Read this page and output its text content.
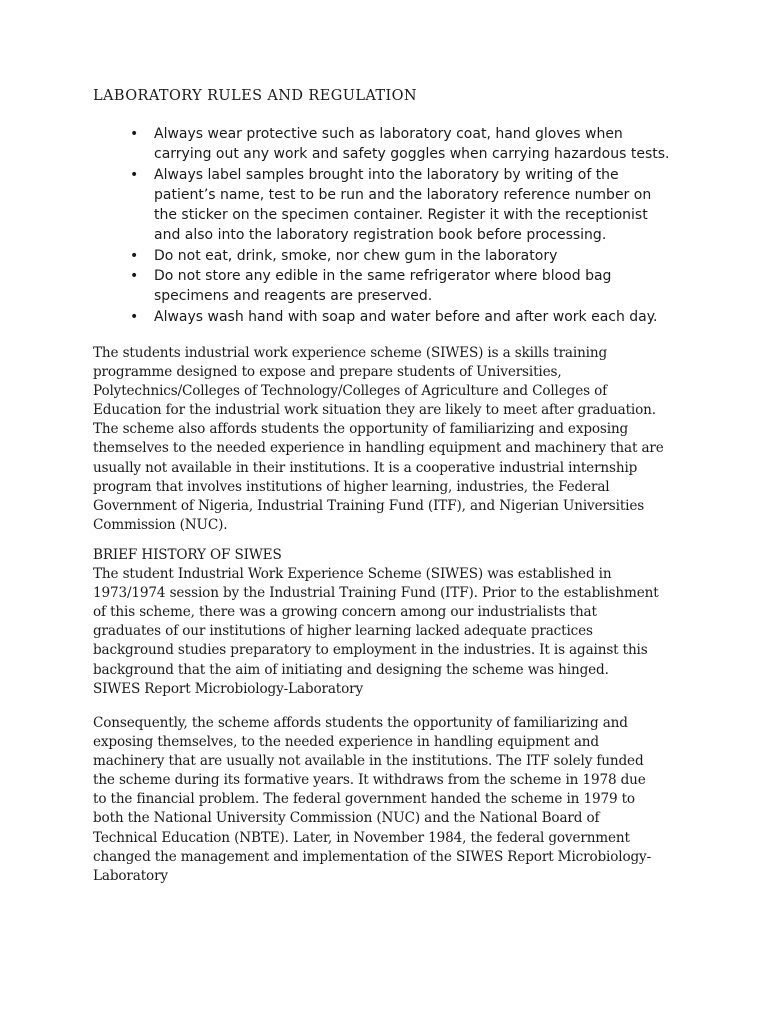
LABORATORY RULES AND REGULATION
• Always wear protective such as laboratory coat, hand gloves when
carrying out any work and safety goggles when carrying hazardous tests.
• Always label samples brought into the laboratory by writing of the
patient’s name, test to be run and the laboratory reference number on
the sticker on the specimen container. Register it with the receptionist
and also into the laboratory registration book before processing.
• Do not eat, drink, smoke, nor chew gum in the laboratory
• Do not store any edible in the same refrigerator where blood bag
specimens and reagents are preserved.
• Always wash hand with soap and water before and after work each day.
The students industrial work experience scheme (SIWES) is a skills training
programme designed to expose and prepare students of Universities,
Polytechnics/Colleges of Technology/Colleges of Agriculture and Colleges of
Education for the industrial work situation they are likely to meet after graduation.
The scheme also affords students the opportunity of familiarizing and exposing
themselves to the needed experience in handling equipment and machinery that are
usually not available in their institutions. It is a cooperative industrial internship
program that involves institutions of higher learning, industries, the Federal
Government of Nigeria, Industrial Training Fund (ITF), and Nigerian Universities
Commission (NUC).
BRIEF HISTORY OF SIWES
The student Industrial Work Experience Scheme (SIWES) was established in
1973/1974 session by the Industrial Training Fund (ITF). Prior to the establishment
of this scheme, there was a growing concern among our industrialists that
graduates of our institutions of higher learning lacked adequate practices
background studies preparatory to employment in the industries. It is against this
background that the aim of initiating and designing the scheme was hinged.
SIWES Report Microbiology-Laboratory
Consequently, the scheme affords students the opportunity of familiarizing and
exposing themselves, to the needed experience in handling equipment and
machinery that are usually not available in the institutions. The ITF solely funded
the scheme during its formative years. It withdraws from the scheme in 1978 due
to the financial problem. The federal government handed the scheme in 1979 to
both the National University Commission (NUC) and the National Board of
Technical Education (NBTE). Later, in November 1984, the federal government
changed the management and implementation of the SIWES Report Microbiology-
Laboratory
